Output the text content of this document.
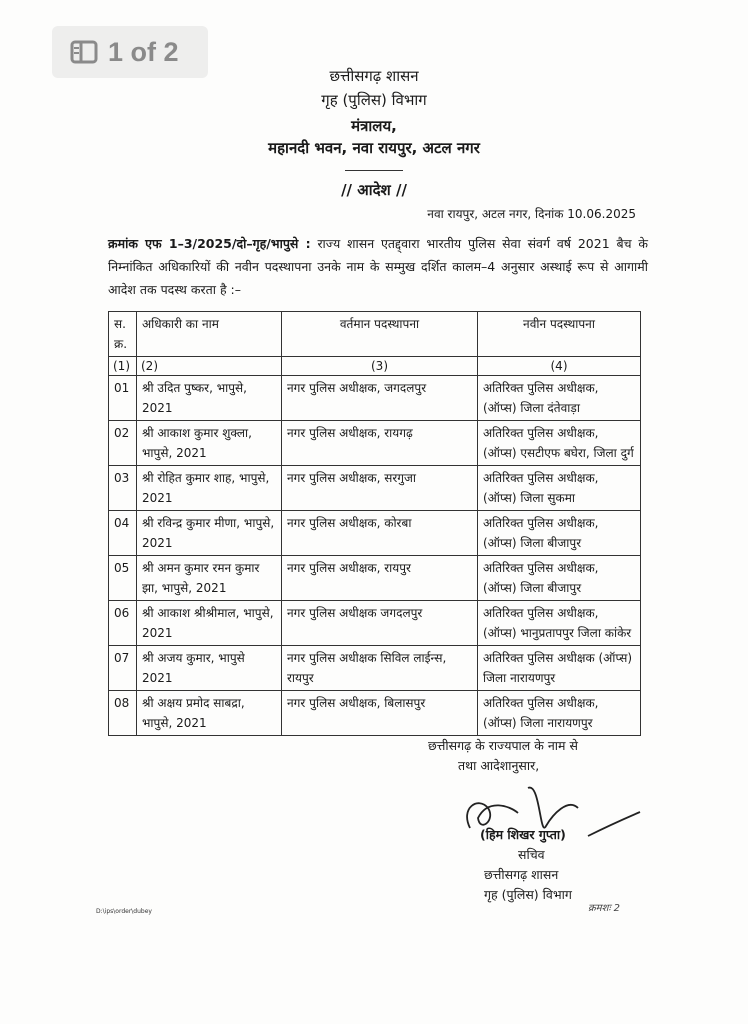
1 of 2
छत्तीसगढ़ शासन
गृह (पुलिस) विभाग
मंत्रालय,
महानदी भवन, नवा रायपुर, अटल नगर
// आदेश //
नवा रायपुर, अटल नगर, दिनांक 10.06.2025
क्रमांक एफ 1–3/2025/दो–गृह/भापुसे : राज्य शासन एतद्द्वारा भारतीय पुलिस सेवा संवर्ग वर्ष 2021 बैच के निम्नांकित अधिकारियों की नवीन पदस्थापना उनके नाम के सम्मुख दर्शित कालम–4 अनुसार अस्थाई रूप से आगामी आदेश तक पदस्थ करता है :–
स. क्र.	अधिकारी का नाम	वर्तमान पदस्थापना	नवीन पदस्थापना
(1)	(2)	(3)	(4)
01	श्री उदित पुष्कर, भापुसे, 2021	नगर पुलिस अधीक्षक, जगदलपुर	अतिरिक्त पुलिस अधीक्षक, (ऑप्स) जिला दंतेवाड़ा
02	श्री आकाश कुमार शुक्ला, भापुसे, 2021	नगर पुलिस अधीक्षक, रायगढ़	अतिरिक्त पुलिस अधीक्षक, (ऑप्स) एसटीएफ बघेरा, जिला दुर्ग
03	श्री रोहित कुमार शाह, भापुसे, 2021	नगर पुलिस अधीक्षक, सरगुजा	अतिरिक्त पुलिस अधीक्षक, (ऑप्स) जिला सुकमा
04	श्री रविन्द्र कुमार मीणा, भापुसे, 2021	नगर पुलिस अधीक्षक, कोरबा	अतिरिक्त पुलिस अधीक्षक, (ऑप्स) जिला बीजापुर
05	श्री अमन कुमार रमन कुमार झा, भापुसे, 2021	नगर पुलिस अधीक्षक, रायपुर	अतिरिक्त पुलिस अधीक्षक, (ऑप्स) जिला बीजापुर
06	श्री आकाश श्रीश्रीमाल, भापुसे, 2021	नगर पुलिस अधीक्षक जगदलपुर	अतिरिक्त पुलिस अधीक्षक, (ऑप्स) भानुप्रतापपुर जिला कांकेर
07	श्री अजय कुमार, भापुसे 2021	नगर पुलिस अधीक्षक सिविल लाईन्स, रायपुर	अतिरिक्त पुलिस अधीक्षक (ऑप्स) जिला नारायणपुर
08	श्री अक्षय प्रमोद साबद्रा, भापुसे, 2021	नगर पुलिस अधीक्षक, बिलासपुर	अतिरिक्त पुलिस अधीक्षक, (ऑप्स) जिला नारायणपुर
छत्तीसगढ़ के राज्यपाल के नाम से
तथा आदेशानुसार,
(हिम शिखर गुप्ता)
सचिव
छत्तीसगढ़ शासन
गृह (पुलिस) विभाग
D:\ips\order\dubey	क्रमशः 2
